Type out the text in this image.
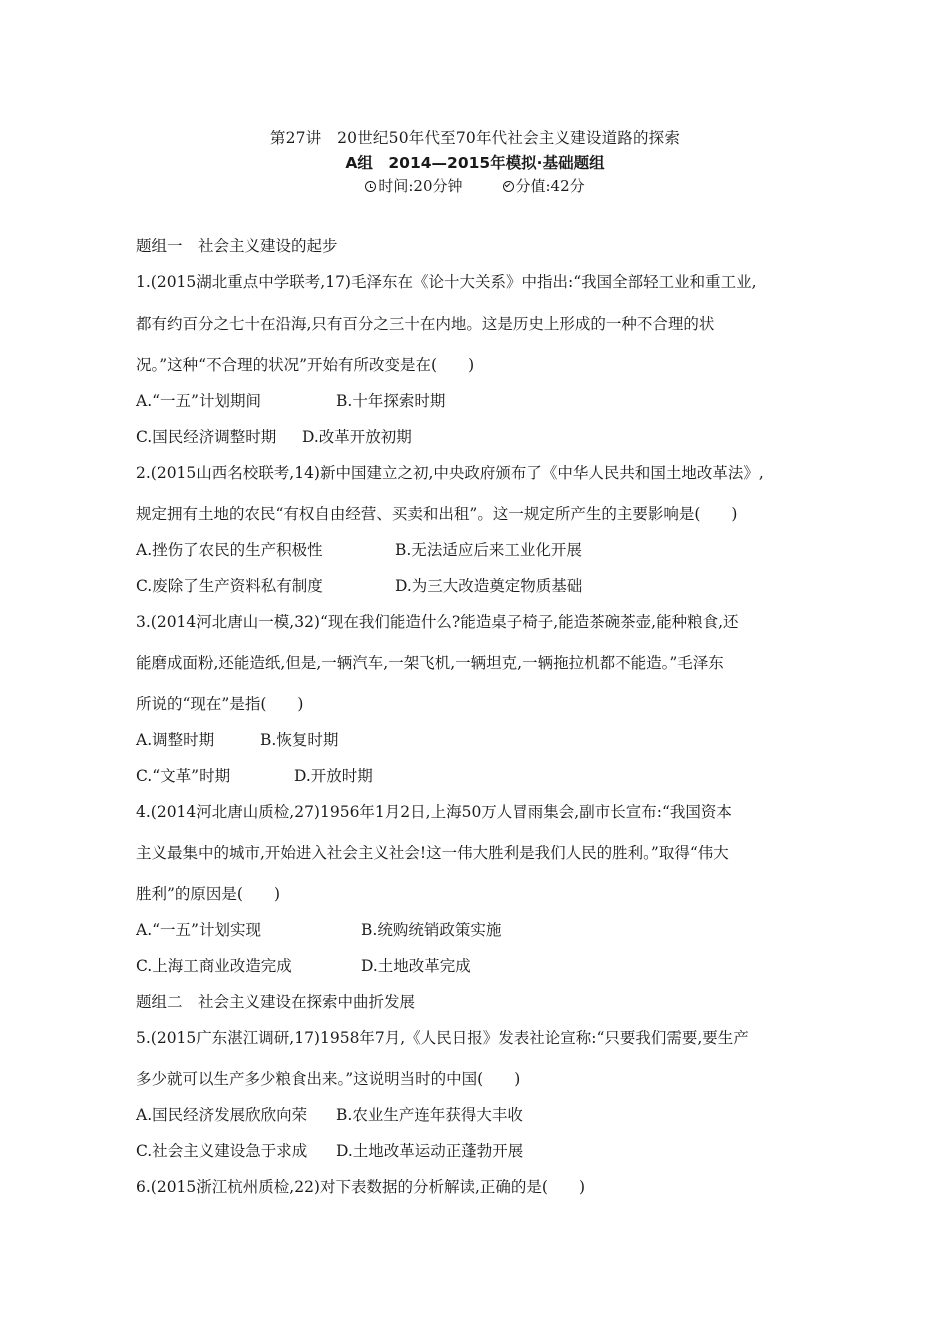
第27讲　20世纪50年代至70年代社会主义建设道路的探索
A组　2014—2015年模拟·基础题组
时间:20分钟	分值:42分
题组一　社会主义建设的起步
1.(2015湖北重点中学联考,17)毛泽东在《论十大关系》中指出:“我国全部轻工业和重工业,
都有约百分之七十在沿海,只有百分之三十在内地。这是历史上形成的一种不合理的状
况。”这种“不合理的状况”开始有所改变是在(　　)
A.“一五”计划期间	B.十年探索时期
C.国民经济调整时期 D.改革开放初期
2.(2015山西名校联考,14)新中国建立之初,中央政府颁布了《中华人民共和国土地改革法》,
规定拥有土地的农民“有权自由经营、买卖和出租”。这一规定所产生的主要影响是(　　)
A.挫伤了农民的生产积极性	B.无法适应后来工业化开展
C.废除了生产资料私有制度	D.为三大改造奠定物质基础
3.(2014河北唐山一模,32)“现在我们能造什么?能造桌子椅子,能造茶碗茶壶,能种粮食,还
能磨成面粉,还能造纸,但是,一辆汽车,一架飞机,一辆坦克,一辆拖拉机都不能造。”毛泽东
所说的“现在”是指(　　)
A.调整时期	B.恢复时期
C.“文革”时期	D.开放时期
4.(2014河北唐山质检,27)1956年1月2日,上海50万人冒雨集会,副市长宣布:“我国资本
主义最集中的城市,开始进入社会主义社会!这一伟大胜利是我们人民的胜利。”取得“伟大
胜利”的原因是(　　)
A.“一五”计划实现	B.统购统销政策实施
C.上海工商业改造完成	D.土地改革完成
题组二　社会主义建设在探索中曲折发展
5.(2015广东湛江调研,17)1958年7月,《人民日报》发表社论宣称:“只要我们需要,要生产
多少就可以生产多少粮食出来。”这说明当时的中国(　　)
A.国民经济发展欣欣向荣 B.农业生产连年获得大丰收
C.社会主义建设急于求成 D.土地改革运动正蓬勃开展
6.(2015浙江杭州质检,22)对下表数据的分析解读,正确的是(　　)
